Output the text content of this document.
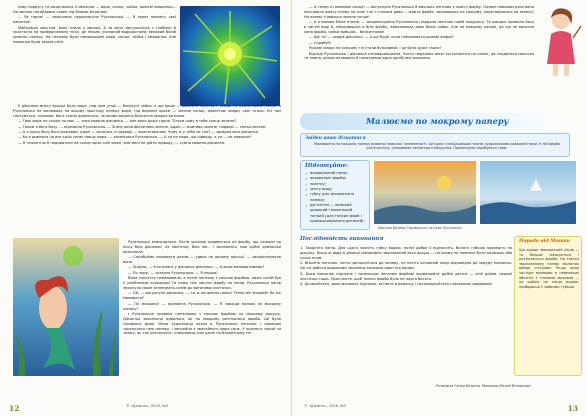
нову подругу та розділялася її мелонки — море, сонце, чайки, рожеві хмаринки... На хвилях погойдався човен під білими вітрилом.

— Яє гарно! — захоплено прошепотіла Русалонька. — Я зараз принесу свої мелонки!

Майнувши хвостом, вона знила у хвилях. А за мить вигулькнула з глибини й простягла на прибережному піску, де лежав, усипаний водоростями, великий білий шматок паперу. На нескому були намальовані море, сонце, чайки і хмаринки. Але малюнки були зовсім різні.

У дівчинки внесу аркуші було море, над ним угорі — блискучі чайки, а ще вище — рожеві й золотисті хмари та жовтогаряче сонце. А Русалонька не малювала по всьому простору паперу море, під верхнім краєм — зелене сонце, фіолетові хмари, сині птахи. Усі там гаптуються, тонкими, його тонни дивуються, за якими видніла блакитна хмарка витрила.

— Твоє море не схоже на моє, — тихо мовила дівчинка, — але воно дуже гарне. Тільки чому в тебе сонце зелене?

— Таким я його бачу, — відповіла Русалонька. — Знизу воно фіолетово-зелене, адже — жовтаво-зелене, надворі — синьо-зелене.

— А я зразу бачу його рожевим, адже — золотим, а надворі — жовтогарячим. Чому ж у тебе не так? — здивувалася дівчинка.

— Бо я дивлюся на все крізь синю товщу моря, — засміялася Русалонька. — А ти на море, що підводу, а ти — на поверхні!

— Я тежхотіла б подивитися на сонце крізь сині хвилі, але мені не дійти підводу, — сумно мовила дівчинка.

Русалонька замислилася. Потім указала подивитися на фарбу, що лежали на піску біля дівчинки, не пам'ятає, біля неї... і засміялася, мов срібні дзвіночки розсипала.

— Спробуймо малювати разом — удвох на одному аркуші, — запропонувала вона.

— Згодна, — зітхнулася у дівчинка дівчинка. — А яким малюватимемо?

— По черзі, — сказала Русалонька. — Я перша!

Вона спочатку намалювала, а потім пензель з синьою фарбою, адже синій був її улюбленим кольором! Та перш ніж листок фарбу на папір, Русалонька папір змокнула своїм зеленувато-синім до вигинами листочки.

— Ой, — вигукнула дівчинка, — ти ж нечинила папір! Тепер він мокрий! Як же малювати?

— По мокрому! — відповіла Русалонька. — Я завжди малюю по мокрому паперу!

І Русалонька провела пензликом з синьою фарбою по мокрому аркушу. Дівчинка захоплено дивилася, як по мокрому розтікалася фарба. Це було справжнє диво. Мала художниця взяла в Русалоньки пензлик і палиною торкнулася нею паперу, і звичайно з звичайного моря синє. У кожного такий ти знаєш, як так розтеклося, утворюючи сині каплі на блакитному тлі.

© «Джміль», 2018, №3
12

— А тепер я намалюю сонце! — вигукнула Русалонька й вмочила пензлик у жовту фарбу. Одним помахом руки вона поставила жовту пляму на синє тло. І сталося диво — жовта фарба, змішавшись на синьому, перетворилася на зелену! Ha папері з'явилося зелене сонце!

— А я малюю білих птахів, — запропонувала Русалонька і віддала пензлик новій подружці. Та швидко промила його в чистій воді й, занурившись в білу фарбу, намалювала двох білих чайок. Але на мокрому папері, де ще не висохла синя фарба, чайки вийшли... блакитними!

— Ще та! — зрадів дівчинка. — А що буде, коли намалювати рожеві хмари?

— Спробуй!

Рожеві хмари на синьому тлі стали бузковими, і це було дуже гарно!

Відтоді Русалонька і дівчинка потоваришували. Часто недалеко вони зустрічалися на пляжі, де сходилася морська та земна, разом малювали й показували одна одній свої малюнки.

Малюємо по мокрому паперу
Звідки ваше дізнатися
Малювання по мокрому паперу вимагає навичок і впевненості. Це одна з найцікавіших технік художниками-аквалелістами. У ній фарба розтікається, утворюючи неповторні візерунки. Пропонуємо спробувати і вам.
Підготуйте:
✓ акварельний папір;
✓ акварельні фарби;
✓ палітру;
✓ чисту воду;
✓ губку для зволоження паперу;
✓ дві пензлі — великий широкий і маленький тонкий (для тонких фарб і промальовування деталей).
Картини Музеюм Гарнацького та Іскри Луп'янської
Послідовність виконання

1. Закріпіть папір. Для цього змочіть губку водою, потім добре її відтисніть. Волого губкою проведіть по аркушу. Якщо ж вода в ділянці рівномірно зволожений весь аркуш — на ньому не повинно бути калюжок або сухих плям.

2. Візьміть пензлик, легко доторкніться до паперу, не несіть основний колір відповідно до задуму малюнка. На тлі роботи широкими змочених мазками один під одним.

3. Доки малюнок підсохне і тоненьким пензлем фарбою промалюйте дрібні деталі — лінії дерев, окремі листочки тощо. Простежте, щоб темної фарби було не надто багато.

4. Дочекайтеся, доки малюнок підсохне, вставте в рамочку і насолоджуйтеся створеним шедевром!

Поради від Мишки
Що краще зволожений папір — то більше змішуються і розтікаються фарби. На злегка зволоженому папері малюнок вийде чіткішим. Якщо вода частіше малюємо в невеликих обсягах з тонкими мазками — по райже це місце водою, прибравши її зайвими губкою.
Розповіла Ганна Бєлкіна, Малюнки Віталії Вітнякової
© «Джміль», 2018, №3	13
